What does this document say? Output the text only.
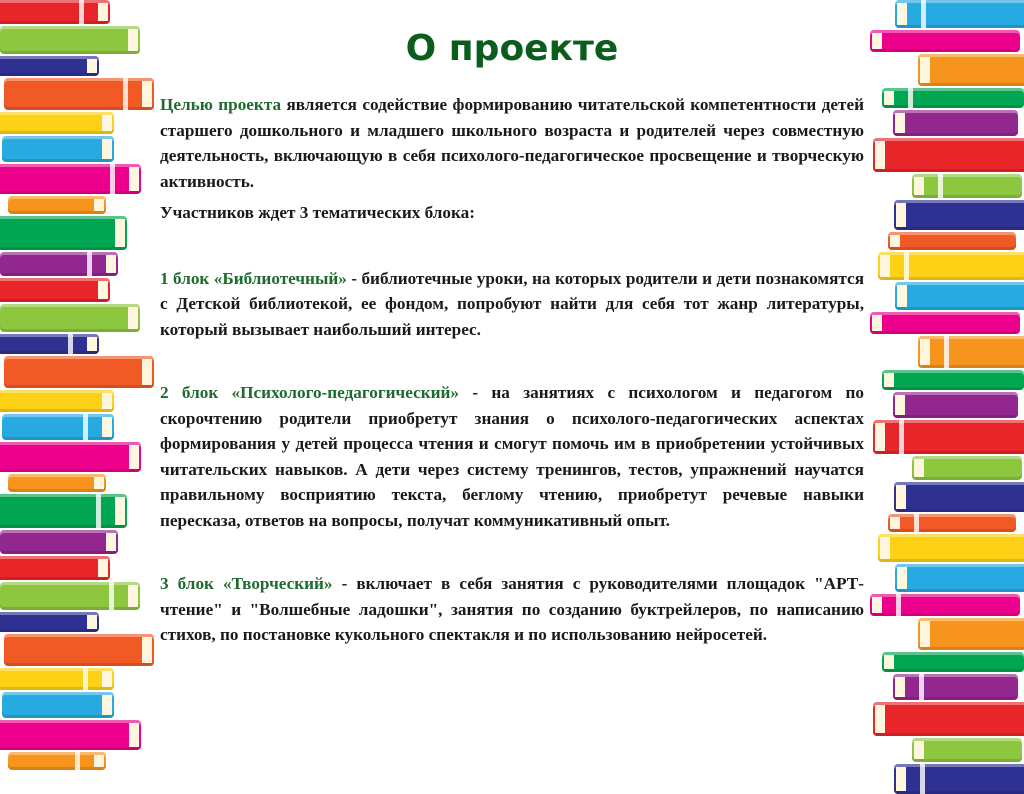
О проекте

Целью проекта является содействие формированию читательской компетентности детей старшего дошкольного и младшего школьного возраста и родителей через совместную деятельность, включающую в себя психолого-педагогическое просвещение и творческую активность.

Участников ждет 3 тематических блока:

1 блок «Библиотечный» - библиотечные уроки, на которых родители и дети познакомятся с Детской библиотекой, ее фондом, попробуют найти для себя тот жанр литературы, который вызывает наибольший интерес.

2 блок «Психолого-педагогический» - на занятиях с психологом и педагогом по скорочтению родители приобретут знания о психолого-педагогических аспектах формирования у детей процесса чтения и смогут помочь им в приобретении устойчивых читательских навыков. А дети через систему тренингов, тестов, упражнений научатся правильному восприятию текста, беглому чтению, приобретут речевые навыки пересказа, ответов на вопросы, получат коммуникативный опыт.

3 блок «Творческий» - включает в себя занятия с руководителями площадок "АРТ-чтение" и "Волшебные ладошки", занятия по созданию буктрейлеров, по написанию стихов, по постановке кукольного спектакля и по использованию нейросетей.
